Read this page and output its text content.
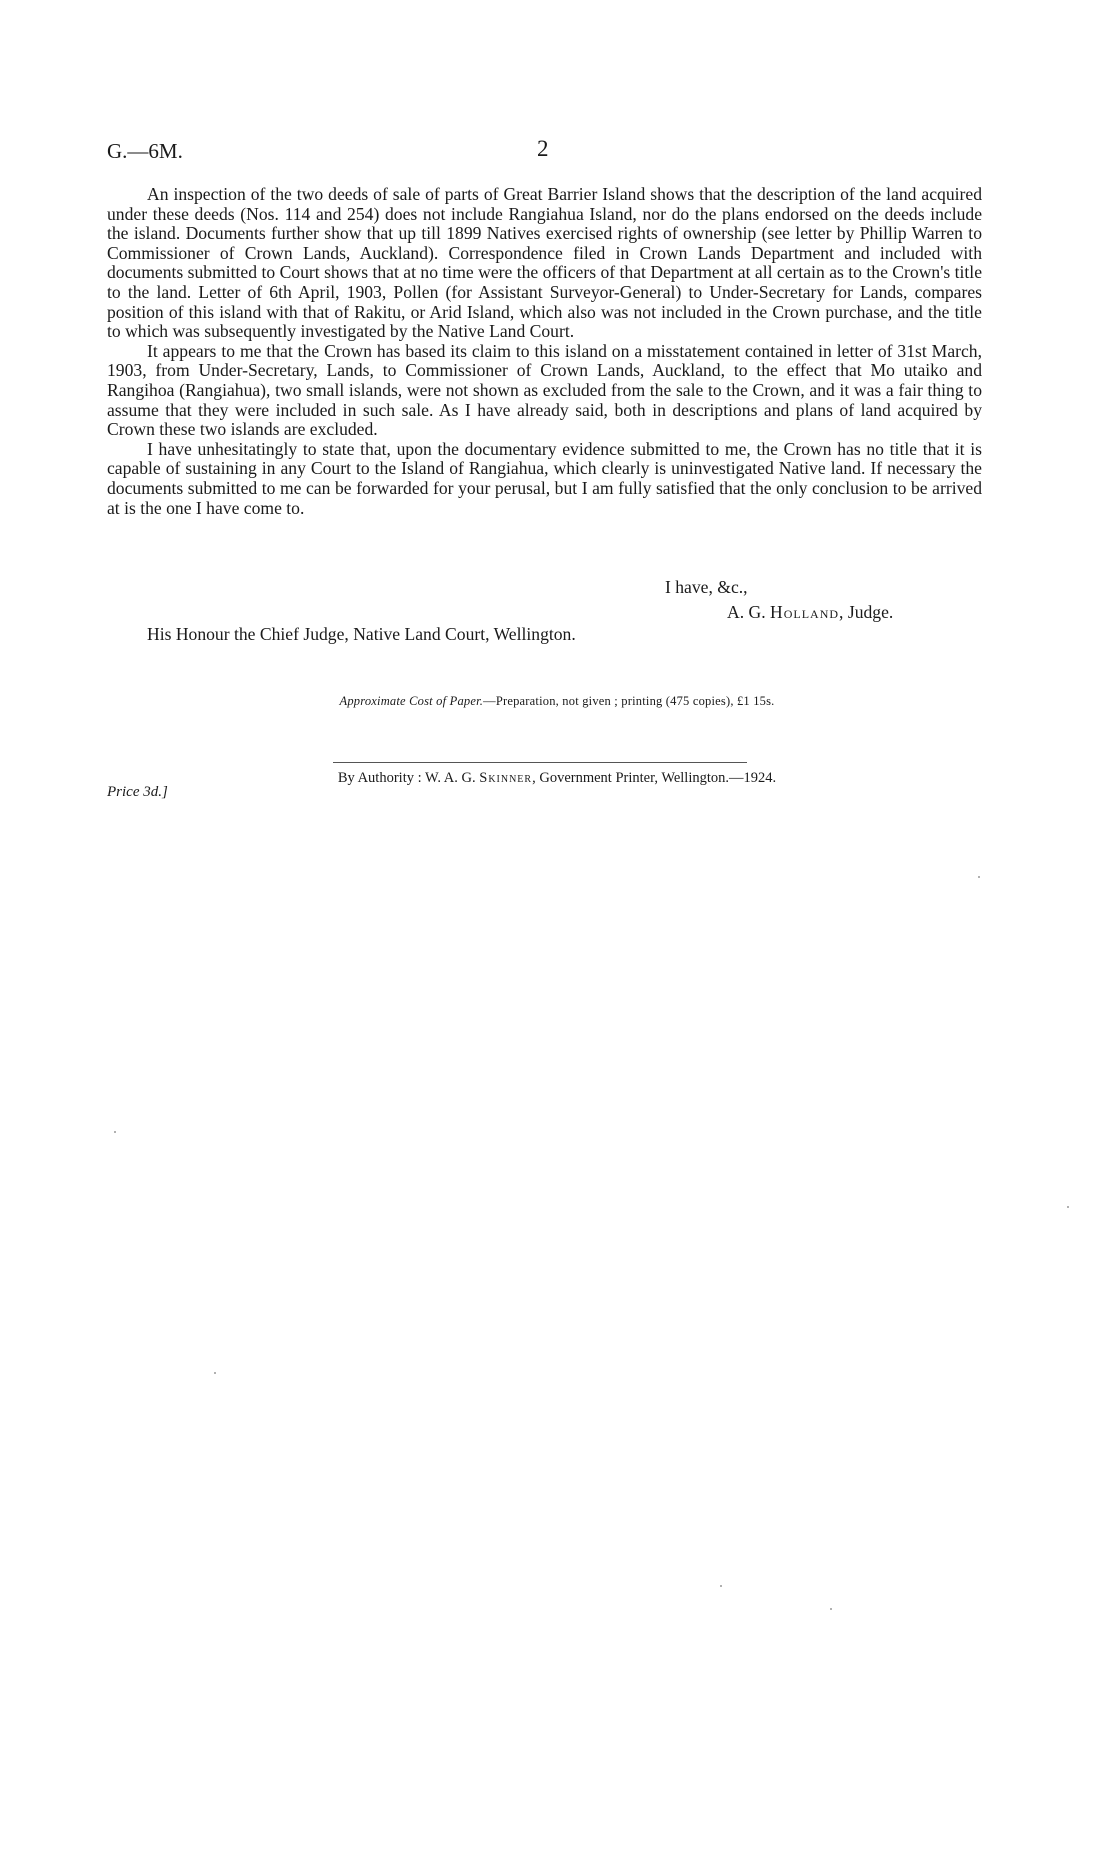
G.—6M.	2

An inspection of the two deeds of sale of parts of Great Barrier Island shows that the description of the land acquired under these deeds (Nos. 114 and 254) does not include Rangiahua Island, nor do the plans endorsed on the deeds include the island. Documents further show that up till 1899 Natives exercised rights of ownership (see letter by Phillip Warren to Commissioner of Crown Lands, Auckland). Correspondence filed in Crown Lands Department and included with documents submitted to Court shows that at no time were the officers of that Department at all certain as to the Crown's title to the land. Letter of 6th April, 1903, Pollen (for Assistant Surveyor-General) to Under-Secretary for Lands, compares position of this island with that of Rakitu, or Arid Island, which also was not included in the Crown purchase, and the title to which was subsequently investigated by the Native Land Court.

It appears to me that the Crown has based its claim to this island on a misstatement contained in letter of 31st March, 1903, from Under-Secretary, Lands, to Commissioner of Crown Lands, Auckland, to the effect that Mo utaiko and Rangihoa (Rangiahua), two small islands, were not shown as excluded from the sale to the Crown, and it was a fair thing to assume that they were included in such sale. As I have already said, both in descriptions and plans of land acquired by Crown these two islands are excluded.

I have unhesitatingly to state that, upon the documentary evidence submitted to me, the Crown has no title that it is capable of sustaining in any Court to the Island of Rangiahua, which clearly is uninvestigated Native land. If necessary the documents submitted to me can be forwarded for your perusal, but I am fully satisfied that the only conclusion to be arrived at is the one I have come to.

I have, &c.,
A. G. Holland, Judge.
His Honour the Chief Judge, Native Land Court, Wellington.
Approximate Cost of Paper.—Preparation, not given ; printing (475 copies), £1 15s.
By Authority : W. A. G. Skinner, Government Printer, Wellington.—1924.
Price 3d.]
